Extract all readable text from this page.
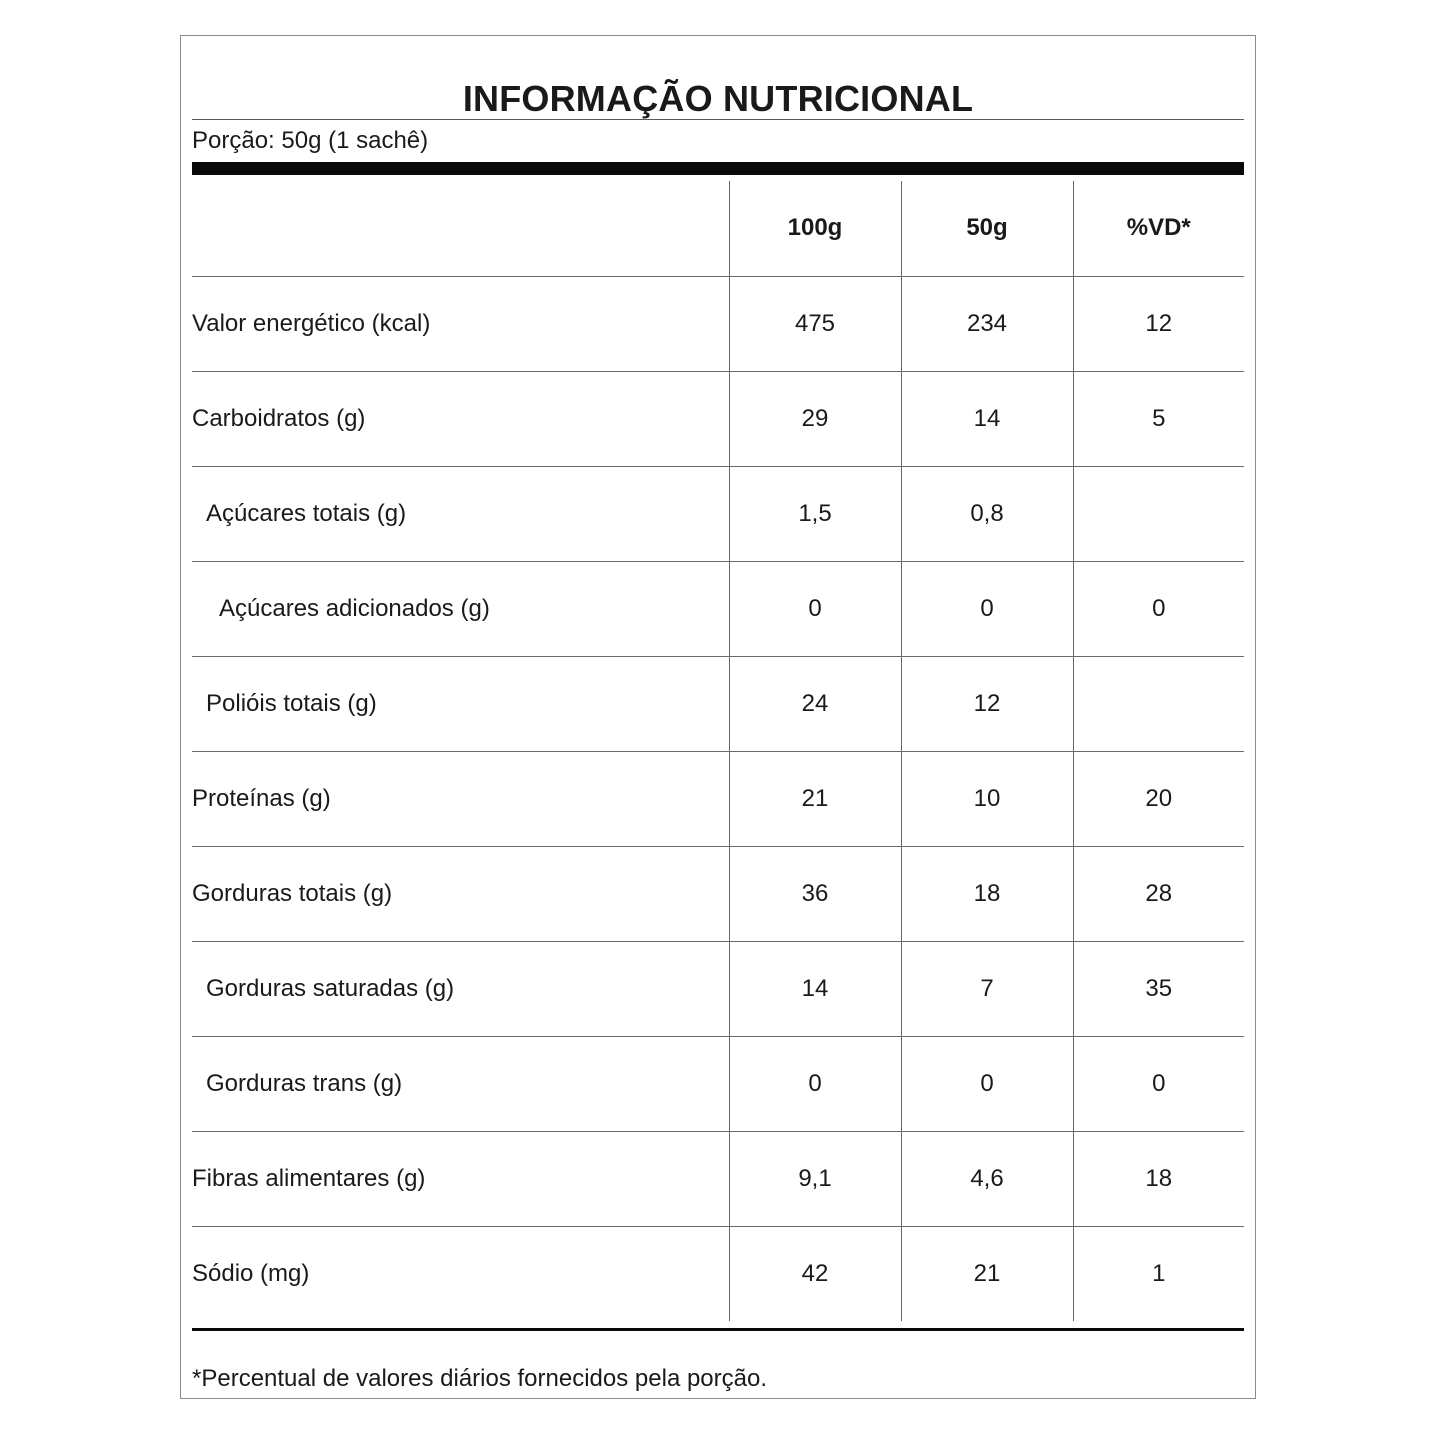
INFORMAÇÃO NUTRICIONAL
Porção: 50g (1 sachê)
	100g	50g	%VD*
Valor energético (kcal)	475	234	12
Carboidratos (g)	29	14	5
Açúcares totais (g)	1,5	0,8	
Açúcares adicionados (g)	0	0	0
Polióis totais (g)	24	12	
Proteínas (g)	21	10	20
Gorduras totais (g)	36	18	28
Gorduras saturadas (g)	14	7	35
Gorduras trans (g)	0	0	0
Fibras alimentares (g)	9,1	4,6	18
Sódio (mg)	42	21	1
*Percentual de valores diários fornecidos pela porção.
